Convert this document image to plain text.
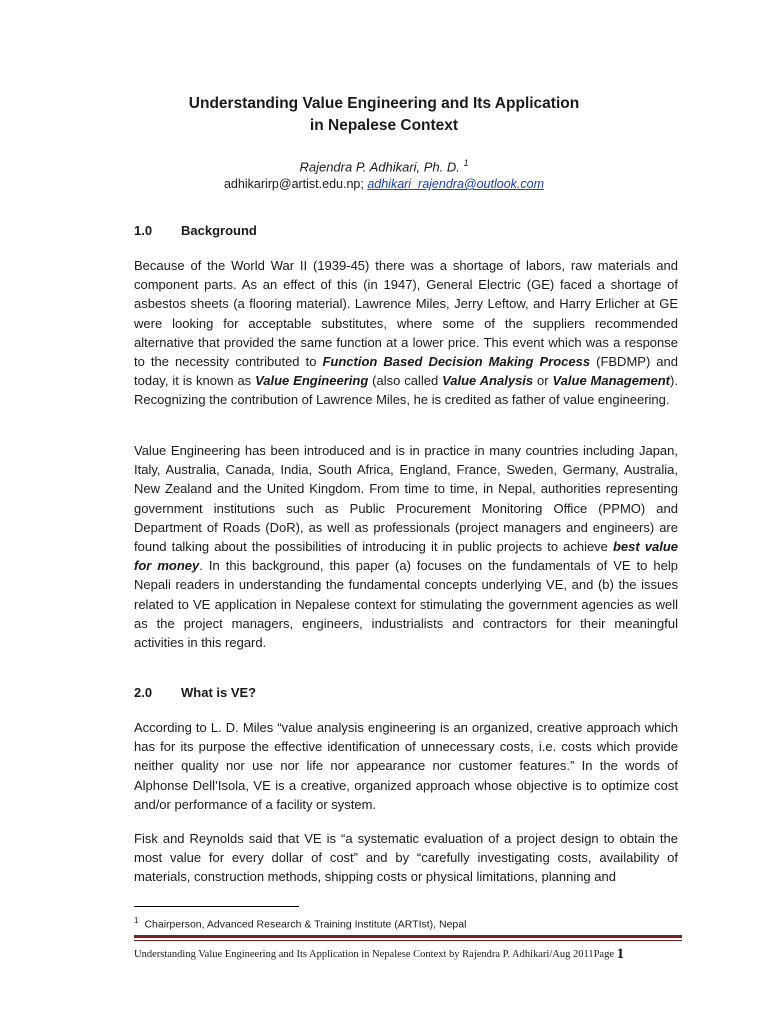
Understanding Value Engineering and Its Application
in Nepalese Context
Rajendra P. Adhikari, Ph. D. $^1$
adhikarirp@artist.edu.np; adhikari_rajendra@outlook.com
1.0 Background
Because of the World War II (1939-45) there was a shortage of labors, raw materials and component parts. As an effect of this (in 1947), General Electric (GE) faced a shortage of asbestos sheets (a flooring material). Lawrence Miles, Jerry Leftow, and Harry Erlicher at GE were looking for acceptable substitutes, where some of the suppliers recommended alternative that provided the same function at a lower price. This event which was a response to the necessity contributed to Function Based Decision Making Process (FBDMP) and today, it is known as Value Engineering (also called Value Analysis or Value Management). Recognizing the contribution of Lawrence Miles, he is credited as father of value engineering.
Value Engineering has been introduced and is in practice in many countries including Japan, Italy, Australia, Canada, India, South Africa, England, France, Sweden, Germany, Australia, New Zealand and the United Kingdom. From time to time, in Nepal, authorities representing government institutions such as Public Procurement Monitoring Office (PPMO) and Department of Roads (DoR), as well as professionals (project managers and engineers) are found talking about the possibilities of introducing it in public projects to achieve best value for money. In this background, this paper (a) focuses on the fundamentals of VE to help Nepali readers in understanding the fundamental concepts underlying VE, and (b) the issues related to VE application in Nepalese context for stimulating the government agencies as well as the project managers, engineers, industrialists and contractors for their meaningful activities in this regard.
2.0 What is VE?
According to L. D. Miles “value analysis engineering is an organized, creative approach which has for its purpose the effective identification of unnecessary costs, i.e. costs which provide neither quality nor use nor life nor appearance nor customer features.” In the words of Alphonse Dell’Isola, VE is a creative, organized approach whose objective is to optimize cost and/or performance of a facility or system.
Fisk and Reynolds said that VE is “a systematic evaluation of a project design to obtain the most value for every dollar of cost” and by “carefully investigating costs, availability of materials, construction methods, shipping costs or physical limitations, planning and
$^1$ Chairperson, Advanced Research & Training Institute (ARTIst), Nepal
Understanding Value Engineering and Its Application in Nepalese Context by Rajendra P. Adhikari/Aug 2011Page 1
